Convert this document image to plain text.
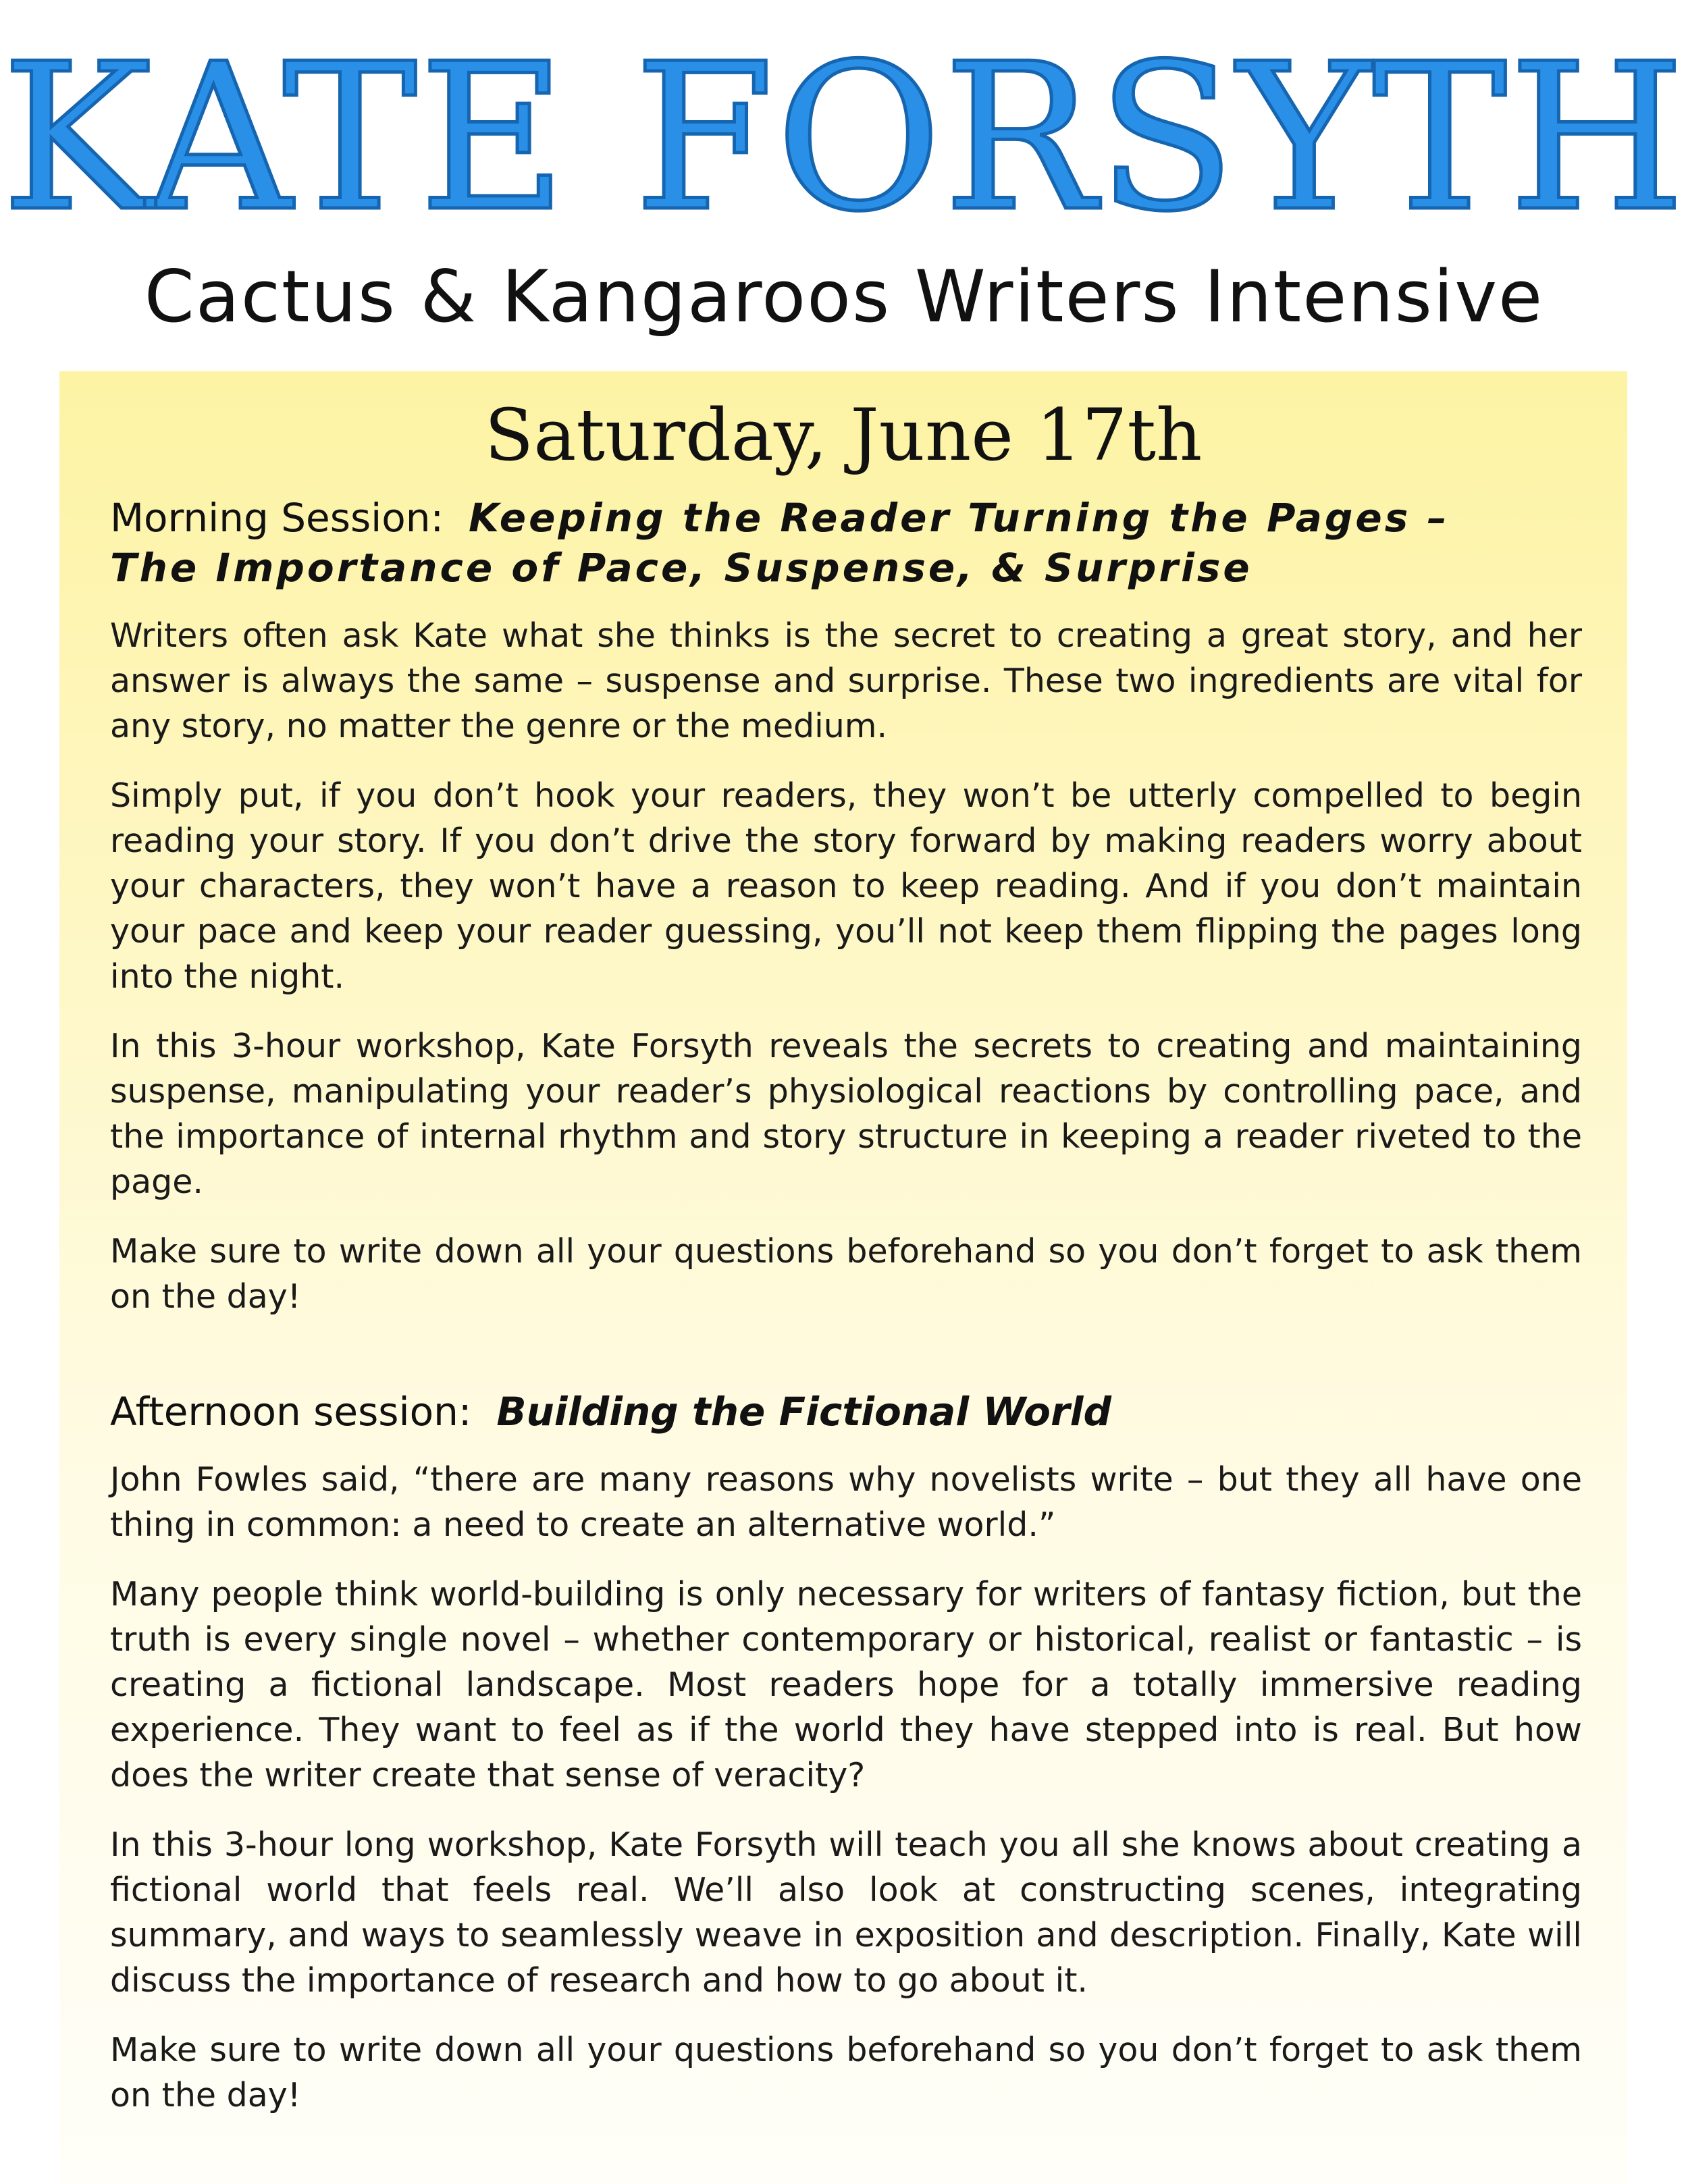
KATE FORSYTH
Cactus & Kangaroos Writers Intensive
Saturday, June 17th
Morning Session: Keeping the Reader Turning the Pages –
The Importance of Pace, Suspense, & Surprise

Writers often ask Kate what she thinks is the secret to creating a great story, and her answer is always the same – suspense and surprise. These two ingredients are vital for any story, no matter the genre or the medium.

Simply put, if you don’t hook your readers, they won’t be utterly compelled to begin reading your story. If you don’t drive the story forward by making readers worry about your characters, they won’t have a reason to keep reading. And if you don’t maintain your pace and keep your reader guessing, you’ll not keep them flipping the pages long into the night.

In this 3-hour workshop, Kate Forsyth reveals the secrets to creating and maintaining suspense, manipulating your reader’s physiological reactions by controlling pace, and the importance of internal rhythm and story structure in keeping a reader riveted to the page.

Make sure to write down all your questions beforehand so you don’t forget to ask them on the day!

Afternoon session: Building the Fictional World

John Fowles said, “there are many reasons why novelists write – but they all have one thing in common: a need to create an alternative world.”

Many people think world-building is only necessary for writers of fantasy fiction, but the truth is every single novel – whether contemporary or historical, realist or fantastic – is creating a fictional landscape. Most readers hope for a totally immersive reading experience. They want to feel as if the world they have stepped into is real. But how does the writer create that sense of veracity?

In this 3-hour long workshop, Kate Forsyth will teach you all she knows about creating a fictional world that feels real. We’ll also look at constructing scenes, integrating summary, and ways to seamlessly weave in exposition and description. Finally, Kate will discuss the importance of research and how to go about it.

Make sure to write down all your questions beforehand so you don’t forget to ask them on the day!
